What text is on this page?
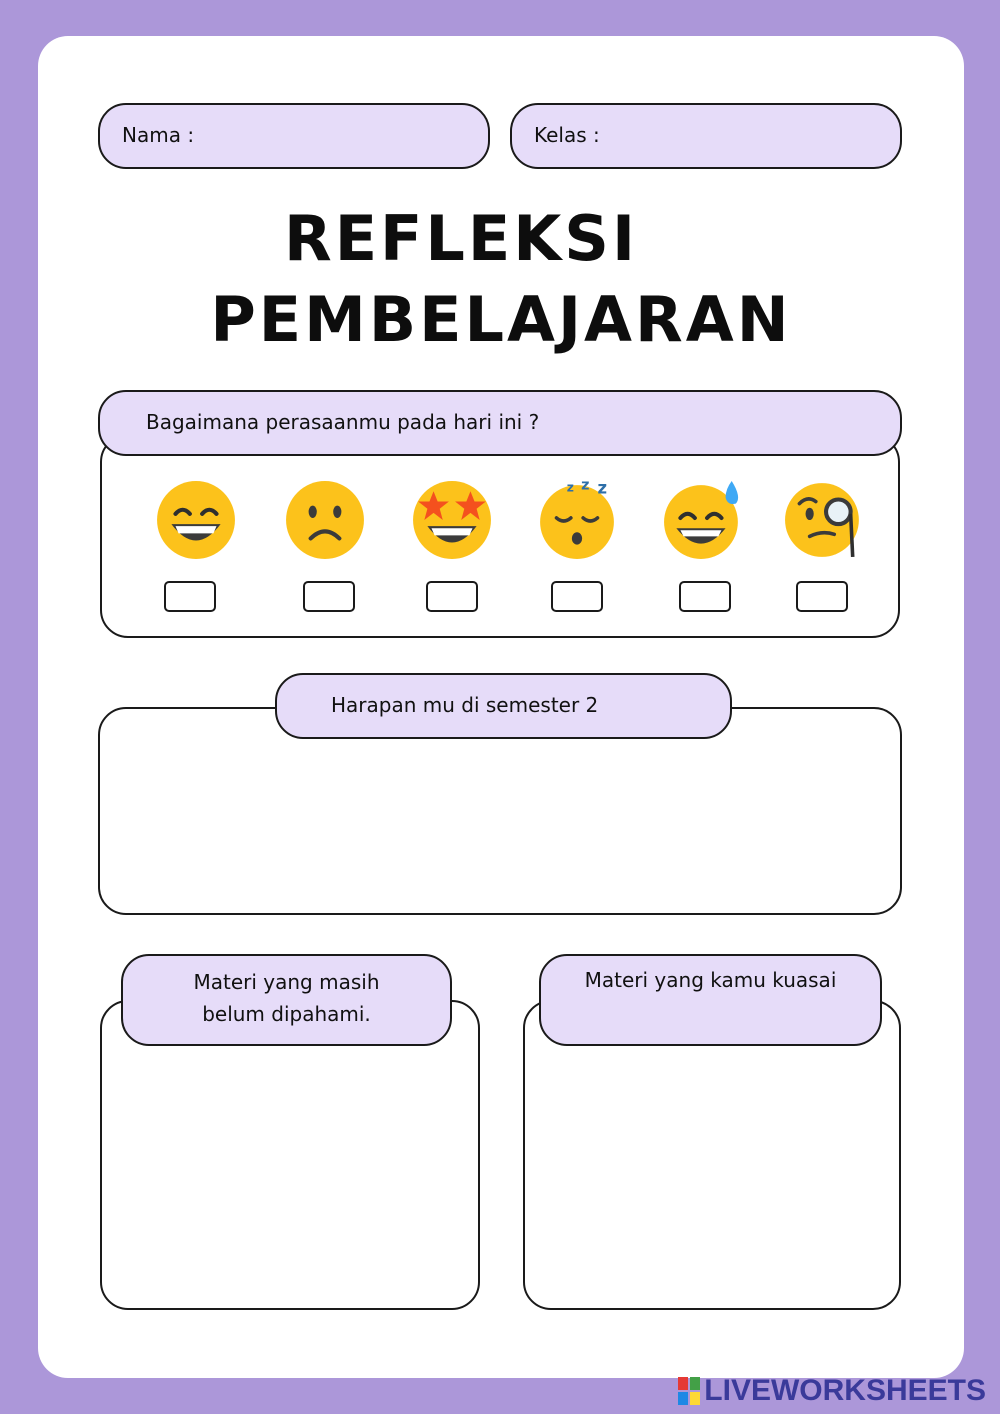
Nama :	Kelas :
REFLEKSI
PEMBELAJARAN
Bagaimana perasaanmu pada hari ini ?
z z z
Harapan mu di semester 2
Materi yang masih
belum dipahami.
Materi yang kamu kuasai
LIVEWORKSHEETS
